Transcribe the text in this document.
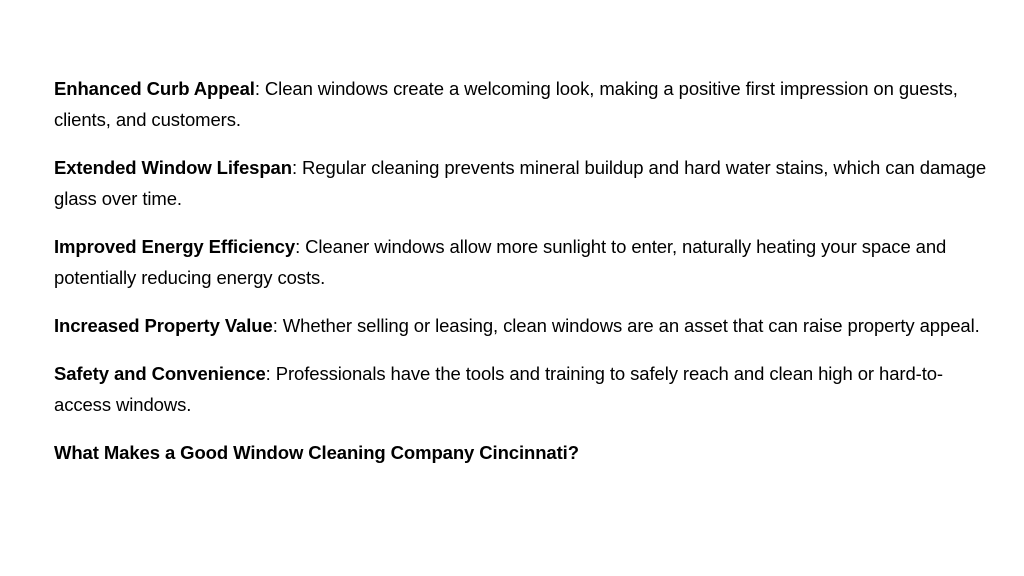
Enhanced Curb Appeal: Clean windows create a welcoming look, making a positive first impression on guests, clients, and customers.

Extended Window Lifespan: Regular cleaning prevents mineral buildup and hard water stains, which can damage glass over time.

Improved Energy Efficiency: Cleaner windows allow more sunlight to enter, naturally heating your space and potentially reducing energy costs.

Increased Property Value: Whether selling or leasing, clean windows are an asset that can raise property appeal.

Safety and Convenience: Professionals have the tools and training to safely reach and clean high or hard-to-access windows.

What Makes a Good Window Cleaning Company Cincinnati?
